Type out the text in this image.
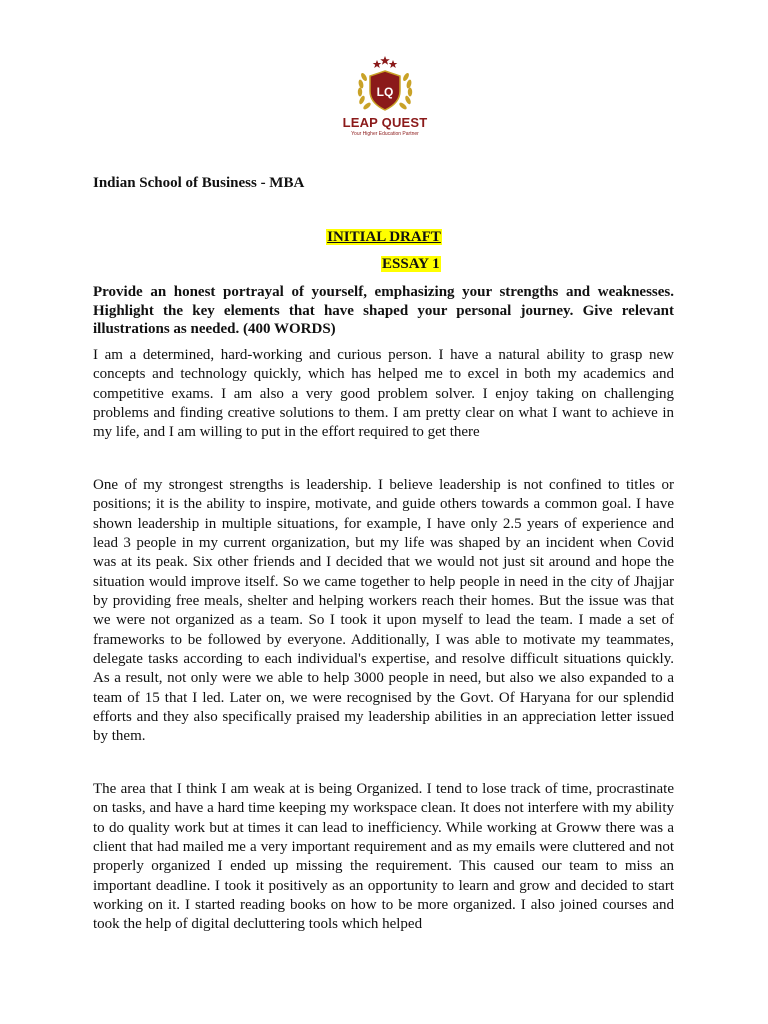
LQ
LEAP QUEST
Your Higher Education Partner
Indian School of Business - MBA
INITIAL DRAFT
ESSAY 1
Provide an honest portrayal of yourself, emphasizing your strengths and weaknesses. Highlight the key elements that have shaped your personal journey. Give relevant illustrations as needed. (400 WORDS)
I am a determined, hard-working and curious person. I have a natural ability to grasp new concepts and technology quickly, which has helped me to excel in both my academics and competitive exams. I am also a very good problem solver. I enjoy taking on challenging problems and finding creative solutions to them. I am pretty clear on what I want to achieve in my life, and I am willing to put in the effort required to get there
One of my strongest strengths is leadership. I believe leadership is not confined to titles or positions; it is the ability to inspire, motivate, and guide others towards a common goal. I have shown leadership in multiple situations, for example, I have only 2.5 years of experience and lead 3 people in my current organization, but my life was shaped by an incident when Covid was at its peak. Six other friends and I decided that we would not just sit around and hope the situation would improve itself. So we came together to help people in need in the city of Jhajjar by providing free meals, shelter and helping workers reach their homes. But the issue was that we were not organized as a team. So I took it upon myself to lead the team. I made a set of frameworks to be followed by everyone. Additionally, I was able to motivate my teammates, delegate tasks according to each individual's expertise, and resolve difficult situations quickly. As a result, not only were we able to help 3000 people in need, but also we also expanded to a team of 15 that I led. Later on, we were recognised by the Govt. Of Haryana for our splendid efforts and they also specifically praised my leadership abilities in an appreciation letter issued by them.
The area that I think I am weak at is being Organized. I tend to lose track of time, procrastinate on tasks, and have a hard time keeping my workspace clean. It does not interfere with my ability to do quality work but at times it can lead to inefficiency. While working at Groww there was a client that had mailed me a very important requirement and as my emails were cluttered and not properly organized I ended up missing the requirement. This caused our team to miss an important deadline. I took it positively as an opportunity to learn and grow and decided to start working on it. I started reading books on how to be more organized. I also joined courses and took the help of digital decluttering tools which helped
